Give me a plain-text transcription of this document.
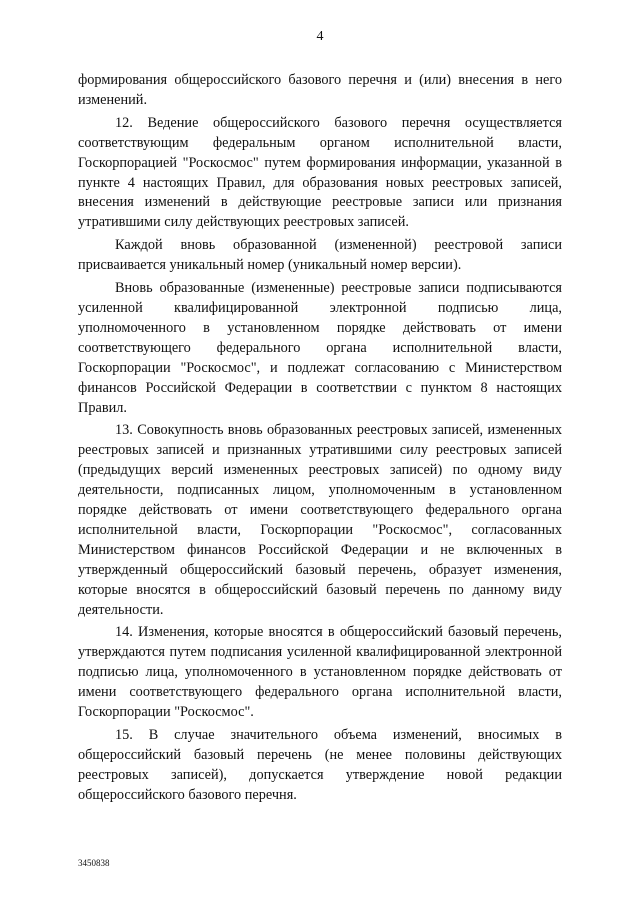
4

формирования общероссийского базового перечня и (или) внесения в него изменений.

12. Ведение общероссийского базового перечня осуществляется соответствующим федеральным органом исполнительной власти, Госкорпорацией "Роскосмос" путем формирования информации, указанной в пункте 4 настоящих Правил, для образования новых реестровых записей, внесения изменений в действующие реестровые записи или признания утратившими силу действующих реестровых записей.

Каждой вновь образованной (измененной) реестровой записи присваивается уникальный номер (уникальный номер версии).

Вновь образованные (измененные) реестровые записи подписываются усиленной квалифицированной электронной подписью лица, уполномоченного в установленном порядке действовать от имени соответствующего федерального органа исполнительной власти, Госкорпорации "Роскосмос", и подлежат согласованию с Министерством финансов Российской Федерации в соответствии с пунктом 8 настоящих Правил.

13. Совокупность вновь образованных реестровых записей, измененных реестровых записей и признанных утратившими силу реестровых записей (предыдущих версий измененных реестровых записей) по одному виду деятельности, подписанных лицом, уполномоченным в установленном порядке действовать от имени соответствующего федерального органа исполнительной власти, Госкорпорации "Роскосмос", согласованных Министерством финансов Российской Федерации и не включенных в утвержденный общероссийский базовый перечень, образует изменения, которые вносятся в общероссийский базовый перечень по данному виду деятельности.

14. Изменения, которые вносятся в общероссийский базовый перечень, утверждаются путем подписания усиленной квалифицированной электронной подписью лица, уполномоченного в установленном порядке действовать от имени соответствующего федерального органа исполнительной власти, Госкорпорации "Роскосмос".

15. В случае значительного объема изменений, вносимых в общероссийский базовый перечень (не менее половины действующих реестровых записей), допускается утверждение новой редакции общероссийского базового перечня.

3450838
